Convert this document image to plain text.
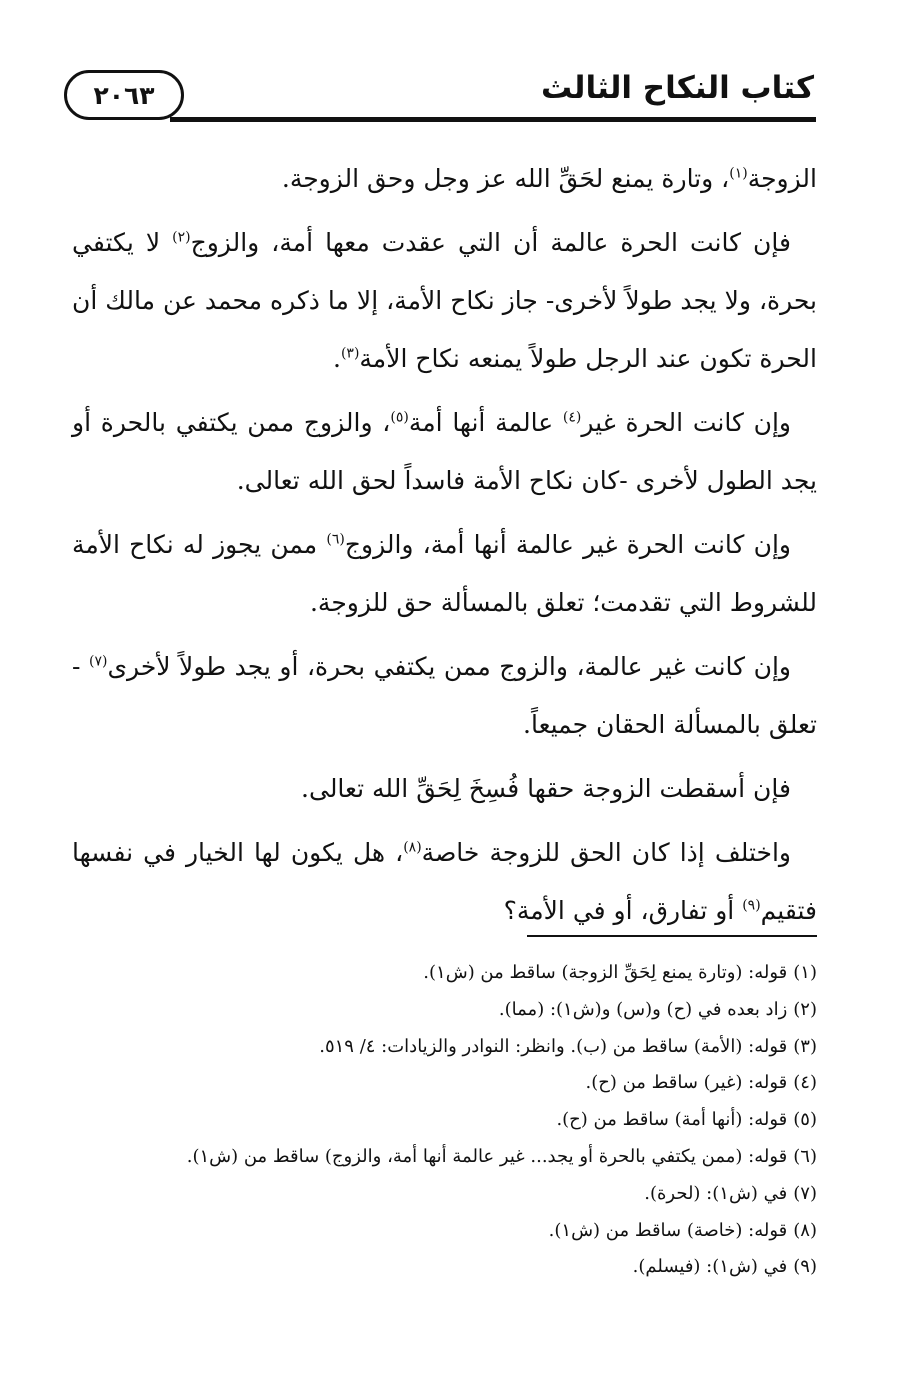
كتاب النكاح الثالث
٢٠٦٣

الزوجة$^{(١)}$، وتارة يمنع لحَقِّ الله عز وجل وحق الزوجة.

فإن كانت الحرة عالمة أن التي عقدت معها أمة، والزوج$^{(٢)}$ لا يكتفي بحرة، ولا يجد طولاً لأخرى- جاز نكاح الأمة، إلا ما ذكره محمد عن مالك أن الحرة تكون عند الرجل طولاً يمنعه نكاح الأمة$^{(٣)}$.

وإن كانت الحرة غير$^{(٤)}$ عالمة أنها أمة$^{(٥)}$، والزوج ممن يكتفي بالحرة أو يجد الطول لأخرى -كان نكاح الأمة فاسداً لحق الله تعالى.

وإن كانت الحرة غير عالمة أنها أمة، والزوج$^{(٦)}$ ممن يجوز له نكاح الأمة للشروط التي تقدمت؛ تعلق بالمسألة حق للزوجة.

وإن كانت غير عالمة، والزوج ممن يكتفي بحرة، أو يجد طولاً لأخرى$^{(٧)}$ - تعلق بالمسألة الحقان جميعاً.

فإن أسقطت الزوجة حقها فُسِخَ لِحَقِّ الله تعالى.

واختلف إذا كان الحق للزوجة خاصة$^{(٨)}$، هل يكون لها الخيار في نفسها فتقيم$^{(٩)}$ أو تفارق، أو في الأمة؟

(١)قوله: (وتارة يمنع لِحَقِّ الزوجة) ساقط من (ش١).

(٢)زاد بعده في (ح) و(س) و(ش١): (مما).

(٣)قوله: (الأمة) ساقط من (ب). وانظر: النوادر والزيادات: ٤/ ٥١٩.

(٤)قوله: (غير) ساقط من (ح).

(٥)قوله: (أنها أمة) ساقط من (ح).

(٦)قوله: (ممن يكتفي بالحرة أو يجد... غير عالمة أنها أمة، والزوج) ساقط من (ش١).

(٧)في (ش١): (لحرة).

(٨)قوله: (خاصة) ساقط من (ش١).

(٩)في (ش١): (فيسلم).
